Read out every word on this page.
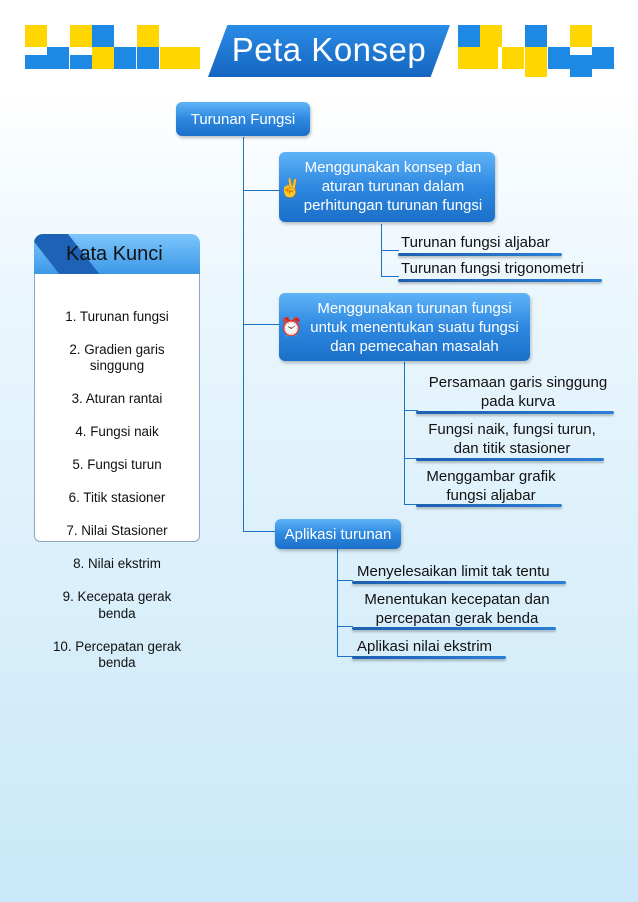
Peta Konsep
Kata Kunci

1. Turunan fungsi

2. Gradien garis
singgung

3. Aturan rantai

4. Fungsi naik

5. Fungsi turun

6. Titik stasioner

7. Nilai Stasioner

8. Nilai ekstrim

9. Kecepata gerak
benda

10. Percepatan gerak
benda

Turunan Fungsi
Menggunakan konsep dan
aturan turunan dalam
perhitungan turunan fungsi
✌️
Turunan fungsi aljabar
Turunan fungsi trigonometri
Menggunakan turunan fungsi
untuk menentukan suatu fungsi
dan pemecahan masalah
⏰
Persamaan garis singgung
pada kurva
Fungsi naik, fungsi turun,
dan titik stasioner
Menggambar grafik
fungsi aljabar
Aplikasi turunan
Menyelesaikan limit tak tentu
Menentukan kecepatan dan
percepatan gerak benda
Aplikasi nilai ekstrim
